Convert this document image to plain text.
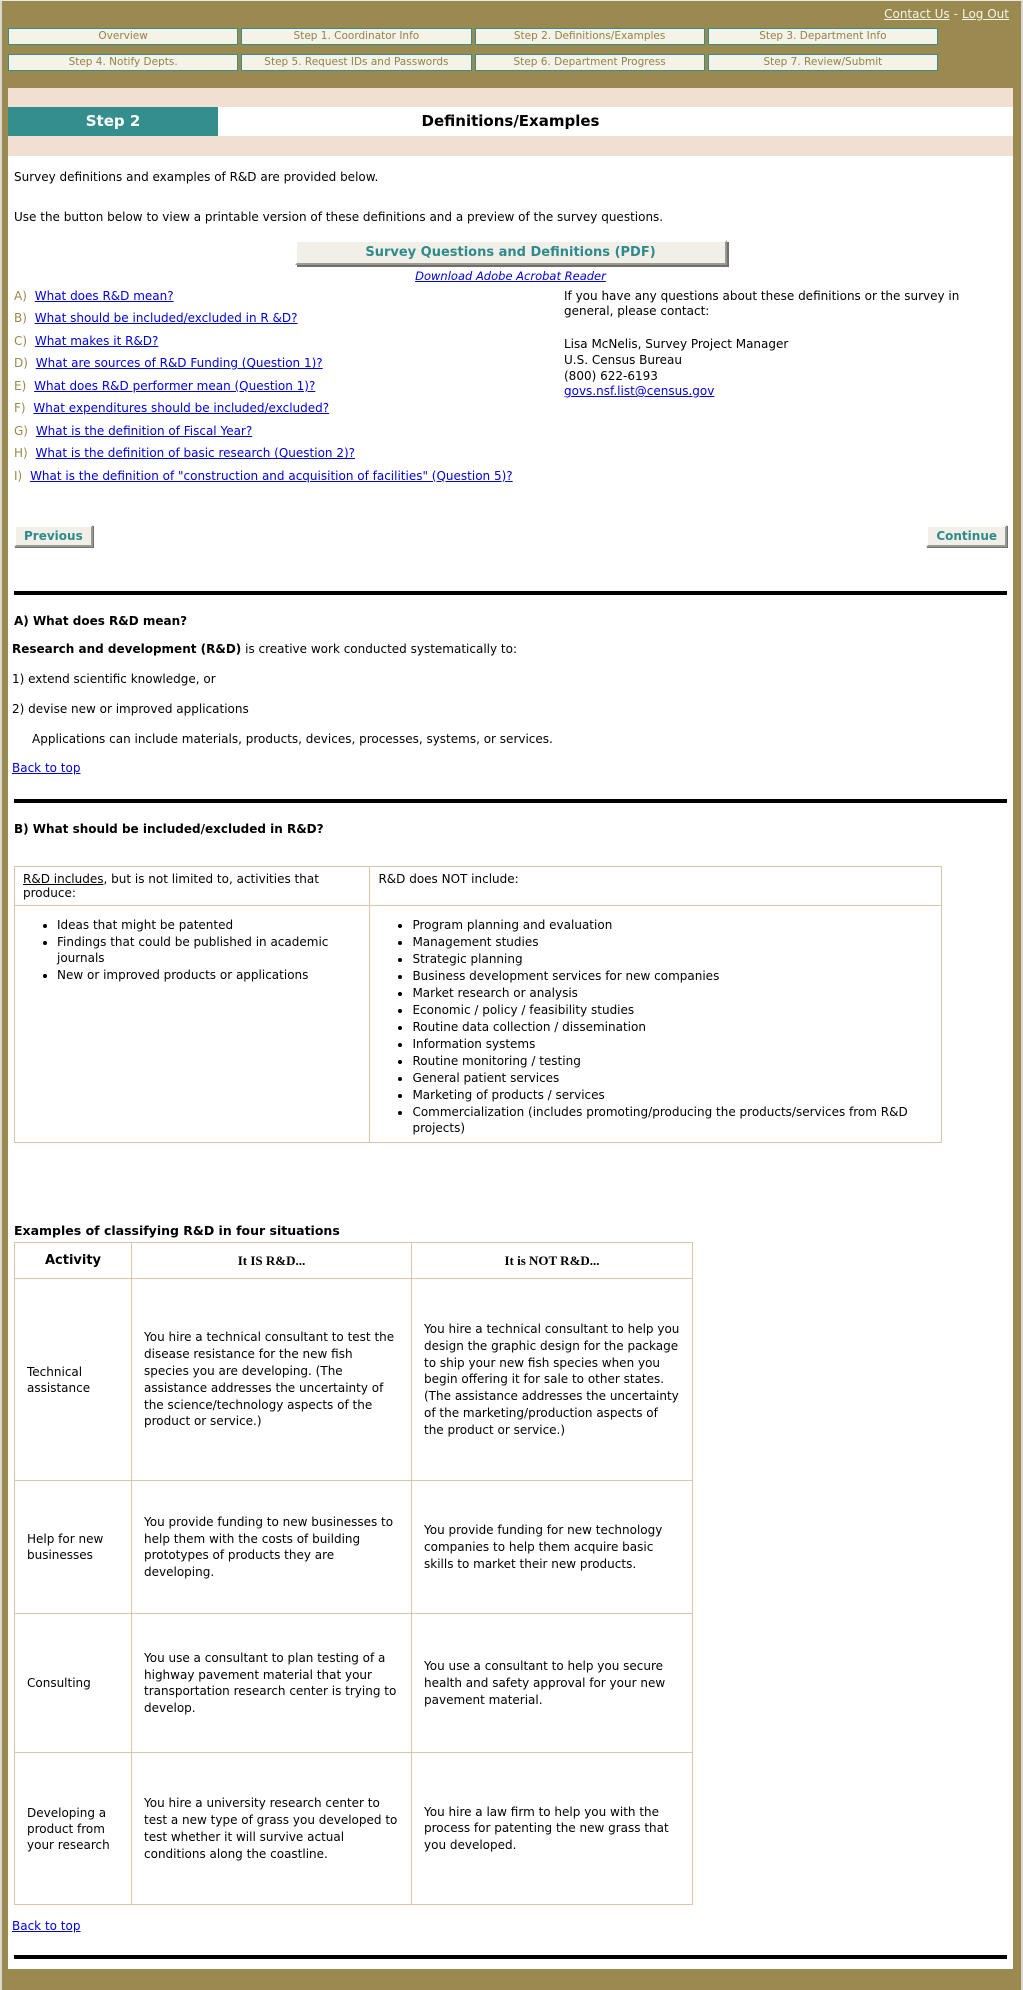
Contact Us - Log Out
Overview	Step 1. Coordinator Info	Step 2. Definitions/Examples	Step 3. Department Info
Step 4. Notify Depts.	Step 5. Request IDs and Passwords	Step 6. Department Progress	Step 7. Review/Submit
Step 2	Definitions/Examples

Survey definitions and examples of R&D are provided below.

Use the button below to view a printable version of these definitions and a preview of the survey questions.

Survey Questions and Definitions (PDF)
Download Adobe Acrobat Reader
A) What does R&D mean?
B) What should be included/excluded in R &D?
C) What makes it R&D?
D) What are sources of R&D Funding (Question 1)?
E) What does R&D performer mean (Question 1)?
F) What expenditures should be included/excluded?
G) What is the definition of Fiscal Year?
H) What is the definition of basic research (Question 2)?
I) What is the definition of "construction and acquisition of facilities" (Question 5)?

If you have any questions about these definitions or the survey in general, please contact:

Lisa McNelis, Survey Project Manager
U.S. Census Bureau
(800) 622-6193
govs.nsf.list@census.gov
Previous	Continue
A) What does R&D mean?

Research and development (R&D) is creative work conducted systematically to:

1) extend scientific knowledge, or

2) devise new or improved applications

Applications can include materials, products, devices, processes, systems, or services.

Back to top

B) What should be included/excluded in R&D?
R&D includes, but is not limited to, activities that produce:	R&D does NOT include:

• Ideas that might be patented
• Findings that could be published in academic journals
• New or improved products or applications

• Program planning and evaluation
• Management studies
• Strategic planning
• Business development services for new companies
• Market research or analysis
• Economic / policy / feasibility studies
• Routine data collection / dissemination
• Information systems
• Routine monitoring / testing
• General patient services
• Marketing of products / services
• Commercialization (includes promoting/producing the products/services from R&D projects)
Examples of classifying R&D in four situations
Activity	It IS R&D...	It is NOT R&D...
Technical assistance	You hire a technical consultant to test the disease resistance for the new fish species you are developing. (The assistance addresses the uncertainty of the science/technology aspects of the product or service.)	You hire a technical consultant to help you design the graphic design for the package to ship your new fish species when you begin offering it for sale to other states. (The assistance addresses the uncertainty of the marketing/production aspects of the product or service.)
Help for new businesses	You provide funding to new businesses to help them with the costs of building prototypes of products they are developing.	You provide funding for new technology companies to help them acquire basic skills to market their new products.
Consulting	You use a consultant to plan testing of a highway pavement material that your transportation research center is trying to develop.	You use a consultant to help you secure health and safety approval for your new pavement material.
Developing a product from your research	You hire a university research center to test a new type of grass you developed to test whether it will survive actual conditions along the coastline.	You hire a law firm to help you with the process for patenting the new grass that you developed.

Back to top
